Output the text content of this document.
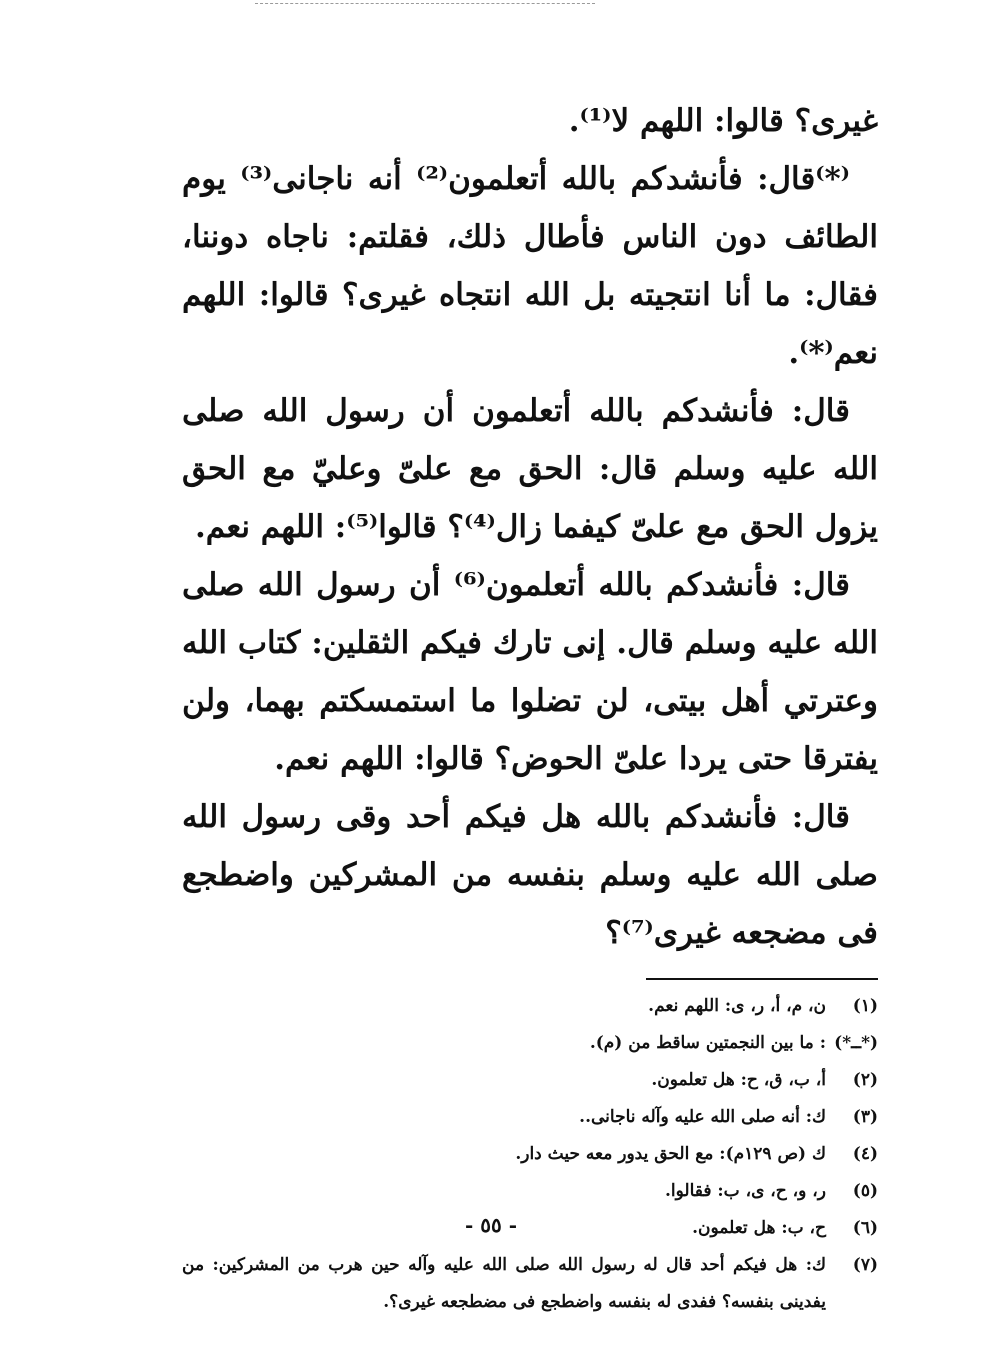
غيرى؟ قالوا: اللهم لا⁽¹⁾.

⁽*⁾قال: فأنشدكم بالله أتعلمون⁽²⁾ أنه ناجانى⁽³⁾ يوم الطائف دون الناس فأطال ذلك، فقلتم: ناجاه دوننا، فقال: ما أنا انتجيته بل الله انتجاه غيرى؟ قالوا: اللهم نعم⁽*⁾.

قال: فأنشدكم بالله أتعلمون أن رسول الله صلى الله عليه وسلم قال: الحق مع علىّ وعليّ مع الحق يزول الحق مع علىّ كيفما زال⁽⁴⁾؟ قالوا⁽⁵⁾: اللهم نعم.

قال: فأنشدكم بالله أتعلمون⁽⁶⁾ أن رسول الله صلى الله عليه وسلم قال. إنى تارك فيكم الثقلين: كتاب الله وعترتي أهل بيتى، لن تضلوا ما استمسكتم بهما، ولن يفترقا حتى يردا علىّ الحوض؟ قالوا: اللهم نعم.

قال: فأنشدكم بالله هل فيكم أحد وقى رسول الله صلى الله عليه وسلم بنفسه من المشركين واضطجع فى مضجعه غيرى⁽⁷⁾؟

(١)
ن، م، أ، ر، ى: اللهم نعم.
(*ــ*)
: ما بين النجمتين ساقط من (م).
(٢)
أ، ب، ق، ح: هل تعلمون.
(٣)
ك: أنه صلى الله عليه وآله ناجانى..
(٤)
ك (ص ١٢٩م): مع الحق يدور معه حيث دار.
(٥)
ر، و، ح، ى، ب: فقالوا.
(٦)
ح، ب: هل تعلمون.
(٧)
ك: هل فيكم أحد قال له رسول الله صلى الله عليه وآله حين هرب من المشركين: من يفدينى بنفسه؟ ففدى له بنفسه واضطجع فى مضطجعه غيرى؟.
- ٥٥ -
